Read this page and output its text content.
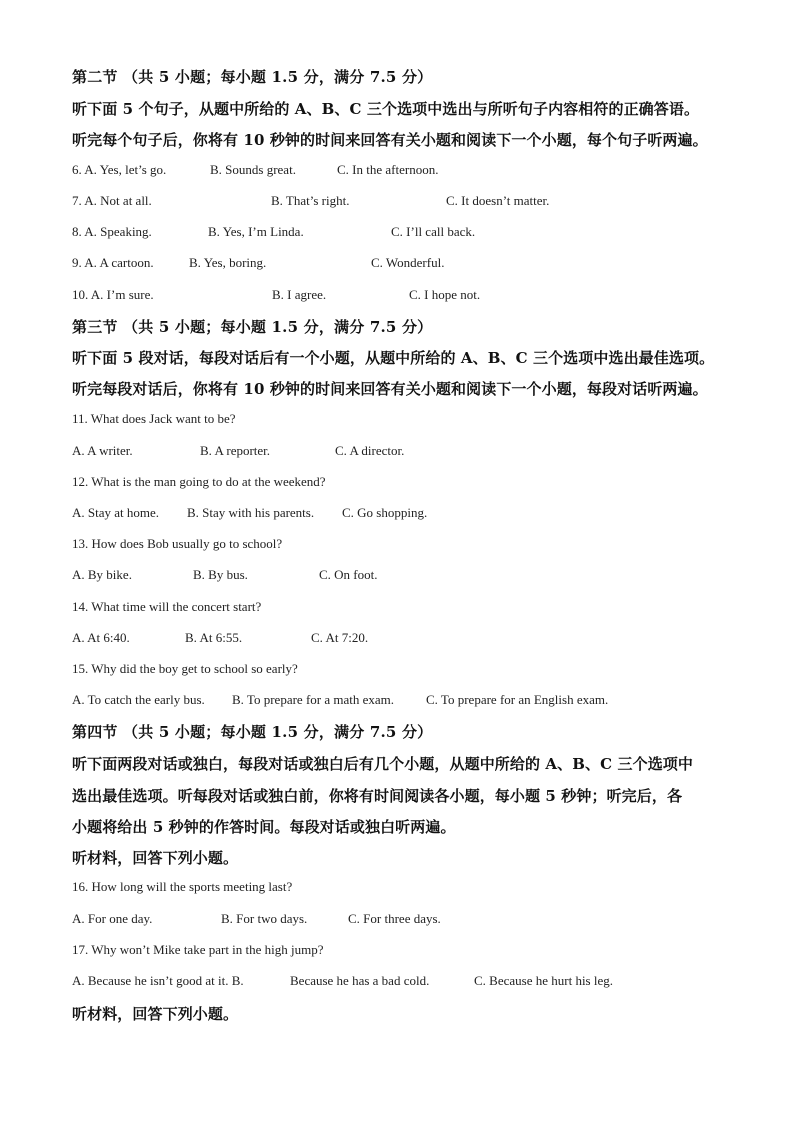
第二节 （共 5 小题；每小题 1.5 分，满分 7.5 分）
听下面 5 个句子，从题中所给的 A、B、C 三个选项中选出与所听句子内容相符的正确答语。
听完每个句子后，你将有 10 秒钟的时间来回答有关小题和阅读下一个小题，每个句子听两遍。
6. A. Yes, let’s go.	B. Sounds great.	C. In the afternoon.
7. A. Not at all.	B. That’s right.	C. It doesn’t matter.
8. A. Speaking.	B. Yes, I’m Linda.	C. I’ll call back.
9. A. A cartoon.	B. Yes, boring.	C. Wonderful.
10. A. I’m sure.	B. I agree.	C. I hope not.
第三节 （共 5 小题；每小题 1.5 分，满分 7.5 分）
听下面 5 段对话，每段对话后有一个小题，从题中所给的 A、B、C 三个选项中选出最佳选项。
听完每段对话后，你将有 10 秒钟的时间来回答有关小题和阅读下一个小题，每段对话听两遍。
11. What does Jack want to be?
A. A writer.	B. A reporter.	C. A director.
12. What is the man going to do at the weekend?
A. Stay at home. B. Stay with his parents. C. Go shopping.
13. How does Bob usually go to school?
A. By bike.	B. By bus.	C. On foot.
14. What time will the concert start?
A. At 6:40.	B. At 6:55.	C. At 7:20.
15. Why did the boy get to school so early?
A. To catch the early bus. B. To prepare for a math exam. C. To prepare for an English exam.
第四节 （共 5 小题；每小题 1.5 分，满分 7.5 分）
听下面两段对话或独白，每段对话或独白后有几个小题，从题中所给的 A、B、C 三个选项中
选出最佳选项。听每段对话或独白前，你将有时间阅读各小题，每小题 5 秒钟；听完后，各
小题将给出 5 秒钟的作答时间。每段对话或独白听两遍。
听材料，回答下列小题。
16. How long will the sports meeting last?
A. For one day.	B. For two days.	C. For three days.
17. Why won’t Mike take part in the high jump?
A. Because he isn’t good at it. B.	Because he has a bad cold.	C. Because he hurt his leg.
听材料，回答下列小题。
